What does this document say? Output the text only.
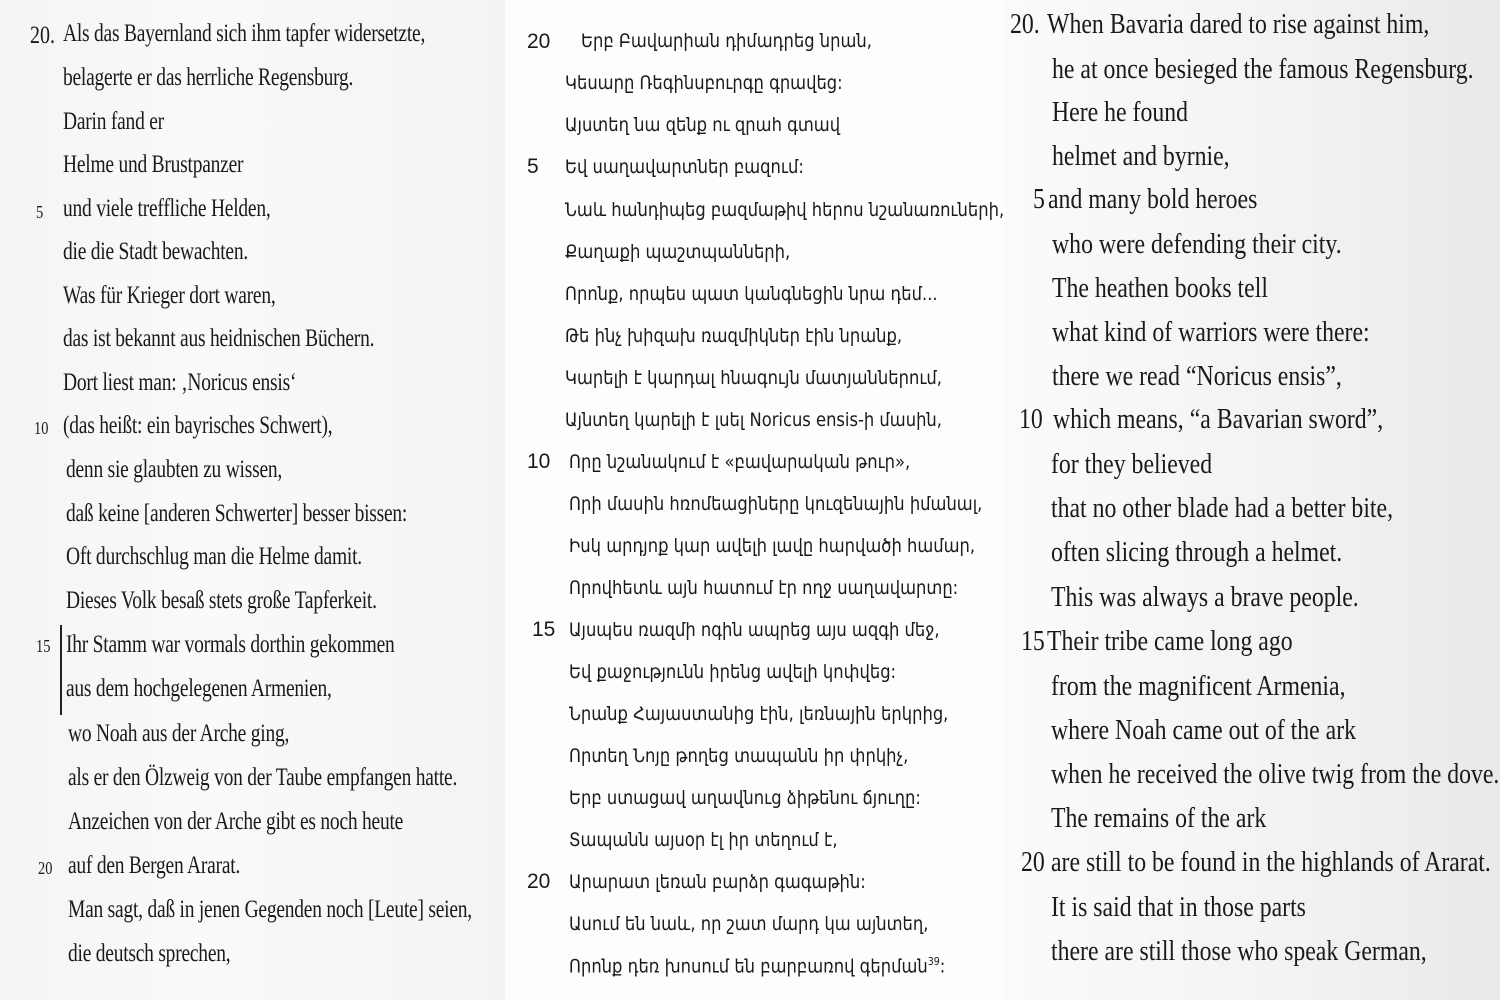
20.
5
10
15
20
Als das Bayernland sich ihm tapfer widersetzte,
belagerte er das herrliche Regensburg.
Darin fand er
Helme und Brustpanzer
und viele treffliche Helden,
die die Stadt bewachten.
Was für Krieger dort waren,
das ist bekannt aus heidnischen Büchern.
Dort liest man: ‚Noricus ensis‘
(das heißt: ein bayrisches Schwert),
denn sie glaubten zu wissen,
daß keine [anderen Schwerter] besser bissen:
Oft durchschlug man die Helme damit.
Dieses Volk besaß stets große Tapferkeit.
Ihr Stamm war vormals dorthin gekommen
aus dem hochgelegenen Armenien,
wo Noah aus der Arche ging,
als er den Ölzweig von der Taube empfangen hatte.
Anzeichen von der Arche gibt es noch heute
auf den Bergen Ararat.
Man sagt, daß in jenen Gegenden noch [Leute] seien,
die deutsch sprechen,
20
5
10
15
20
Երբ Բավարիան դիմադրեց նրան,
Կեսարը Ռեգինսբուրգը գրավեց:
Այստեղ նա զենք ու զրահ գտավ
Եվ սաղավարտներ բազում:
Նաև հանդիպեց բազմաթիվ հերոս նշանառուների,
Քաղաքի պաշտպանների,
Որոնք, որպես պատ կանգնեցին նրա դեմ...
Թե ինչ խիզախ ռազմիկներ էին նրանք,
Կարելի է կարդալ հնագույն մատյաններում,
Այնտեղ կարելի է լսել Noricus ensis-ի մասին,
Որը նշանակում է «բավարական թուր»,
Որի մասին հռոմեացիները կուզենային իմանալ,
Իսկ արդյոք կար ավելի լավը հարվածի համար,
Որովհետև այն հատում էր ողջ սաղավարտը:
Այսպես ռազմի ոգին ապրեց այս ազգի մեջ,
Եվ քաջությունն իրենց ավելի կոփվեց:
Նրանք Հայաստանից էին, լեռնային երկրից,
Որտեղ Նոյը թողեց տապանն իր փրկիչ,
Երբ ստացավ աղավնուց ձիթենու ճյուղը:
Տապանն այսօր էլ իր տեղում է,
Արարատ լեռան բարձր գագաթին:
Ասում են նաև, որ շատ մարդ կա այնտեղ,
Որոնք դեռ խոսում են բարբառով գերման$^{39}$:
20.
5
10
15
20
When Bavaria dared to rise against him,
he at once besieged the famous Regensburg.
Here he found
helmet and byrnie,
and many bold heroes
who were defending their city.
The heathen books tell
what kind of warriors were there:
there we read “Noricus ensis”,
which means, “a Bavarian sword”,
for they believed
that no other blade had a better bite,
often slicing through a helmet.
This was always a brave people.
Their tribe came long ago
from the magnificent Armenia,
where Noah came out of the ark
when he received the olive twig from the dove.
The remains of the ark
are still to be found in the highlands of Ararat.
It is said that in those parts
there are still those who speak German,
